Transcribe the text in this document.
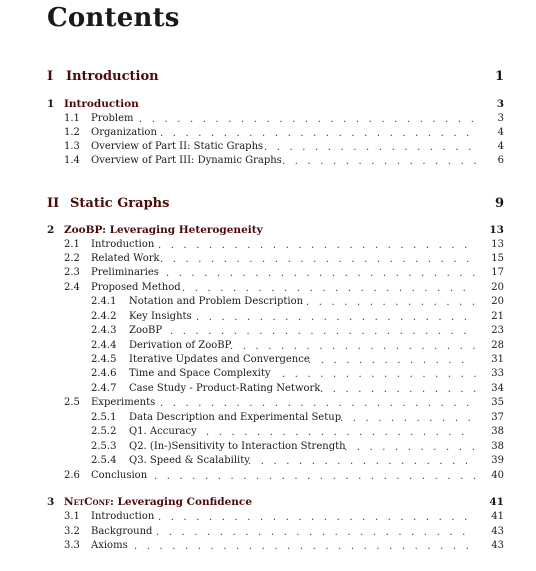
Contents
I Introduction	1
1 Introduction	3
1.1 Problem . . .	3
1.2 Organization . . .	4
1.3 Overview of Part II: Static Graphs . . .	4
1.4 Overview of Part III: Dynamic Graphs . . .	6
II Static Graphs	9
2 ZooBP: Leveraging Heterogeneity	13
2.1 Introduction . . .	13
2.2 Related Work . . .	15
2.3 Preliminaries . . .	17
2.4 Proposed Method . . .	20
2.4.1 Notation and Problem Description . . .	20
2.4.2 Key Insights . . .	21
2.4.3 ZooBP . . .	23
2.4.4 Derivation of ZooBP . . .	28
2.4.5 Iterative Updates and Convergence . . .	31
2.4.6 Time and Space Complexity . . .	33
2.4.7 Case Study - Product-Rating Network . . .	34
2.5 Experiments . . .	35
2.5.1 Data Description and Experimental Setup . . .	37
2.5.2 Q1. Accuracy . . .	38
2.5.3 Q2. (In-)Sensitivity to Interaction Strength . . .	38
2.5.4 Q3. Speed & Scalability . . .	39
2.6 Conclusion . . .	40
3 NetConf: Leveraging Confidence	41
3.1 Introduction . . .	41
3.2 Background . . .	43
3.3 Axioms . . .	43
